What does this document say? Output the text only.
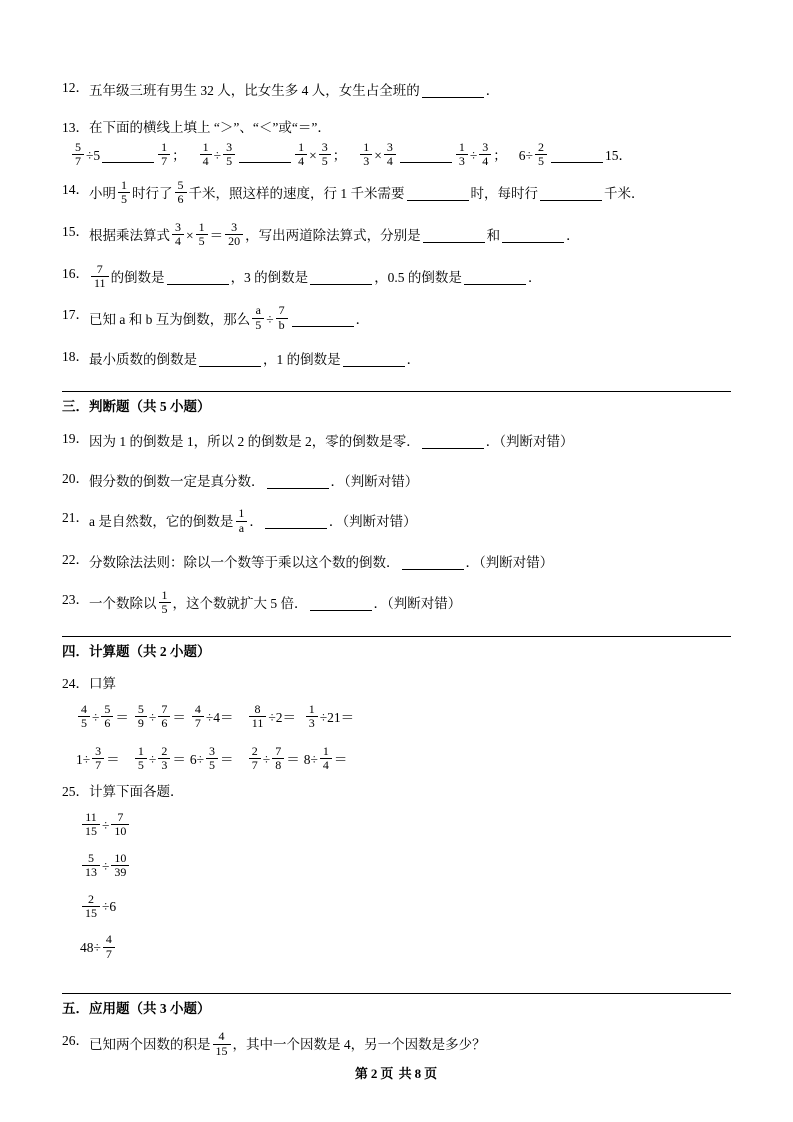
12． 五年级三班有男生 32 人，比女生多 4 人，女生占全班的	．
13． 在下面的横线上填上 “＞”、“＜”或“＝”．
$\frac{5}{7} \div 5$	$\frac{1}{7}$ ； $\frac{1}{4} \div \frac{3}{5}$	$\frac{1}{4} \times \frac{3}{5}$ ； $\frac{1}{3} \times \frac{3}{4}$	$\frac{1}{3} \div \frac{3}{4}$ ； $6 \div \frac{2}{5}$	15．
14． 小明 $\frac{1}{5}$ 时行了 $\frac{5}{6}$ 千米，照这样的速度，行 1 千米需要	时，每时行	千米．
15． 根据乘法算式 $\frac{3}{4} \times \frac{1}{5} = \frac{3}{20}$ ，写出两道除法算式，分别是	和	．
16． $\frac{7}{11}$ 的倒数是	，3 的倒数是	，0.5 的倒数是	．
17． 已知 a 和 b 互为倒数，那么 $\frac{a}{5} \div \frac{7}{b}$	．
18． 最小质数的倒数是	，1 的倒数是	．
三．判断题（共 5 小题）
19． 因为 1 的倒数是 1，所以 2 的倒数是 2，零的倒数是零．	．（判断对错）
20． 假分数的倒数一定是真分数．	．（判断对错）
21． a 是自然数，它的倒数是 $\frac{1}{a}$ ．	．（判断对错）
22． 分数除法法则：除以一个数等于乘以这个数的倒数．	．（判断对错）
23． 一个数除以 $\frac{1}{5}$ ，这个数就扩大 5 倍．	．（判断对错）
四．计算题（共 2 小题）
24． 口算
$\frac{4}{5} \div \frac{5}{6} = \frac{5}{9} \div \frac{7}{6} = \frac{4}{7} \div 4 = \frac{8}{11} \div 2 = \frac{1}{3} \div 21$ ＝
$1 \div \frac{3}{7} = \frac{1}{5} \div \frac{2}{3} = 6 \div \frac{3}{5} = \frac{2}{7} \div \frac{7}{8} = 8 \div \frac{1}{4}$ ＝
25． 计算下面各题．
$\frac{11}{15} \div \frac{7}{10}$
$\frac{5}{13} \div \frac{10}{39}$
$\frac{2}{15} \div 6$
$48 \div \frac{4}{7}$
五．应用题（共 3 小题）
26． 已知两个因数的积是 $\frac{4}{15}$ ，其中一个因数是 4，另一个因数是多少？
第 2 页 共 8 页
